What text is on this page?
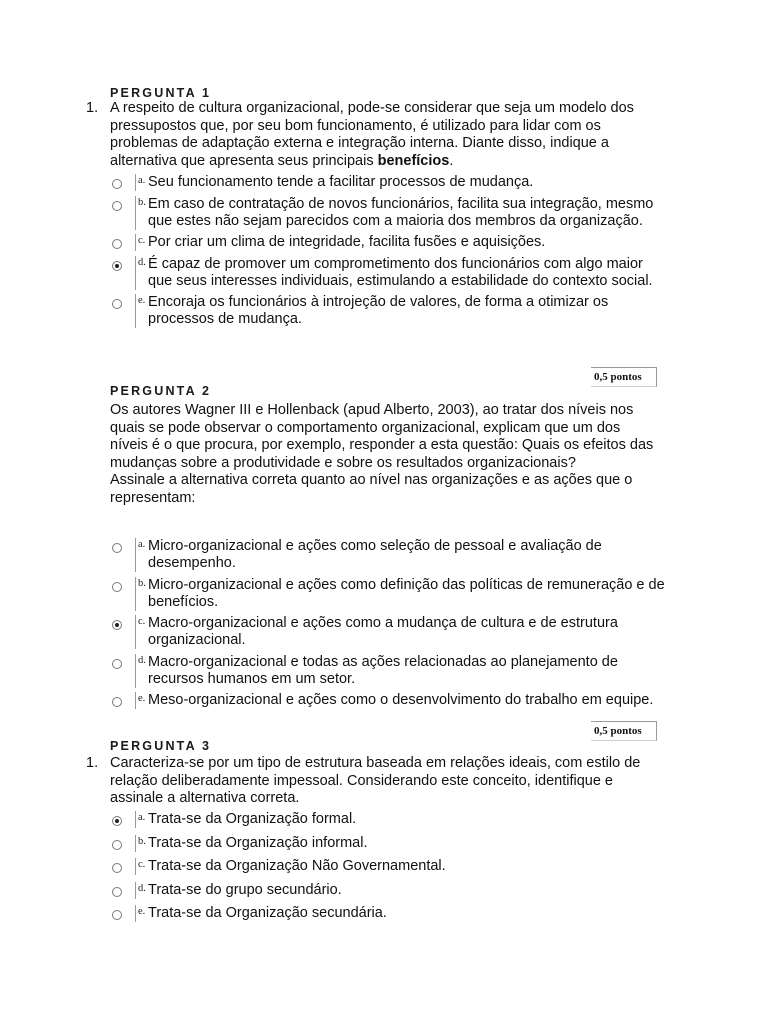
PERGUNTA 1
1. A respeito de cultura organizacional, pode-se considerar que seja um modelo dos pressupostos que, por seu bom funcionamento, é utilizado para lidar com os problemas de adaptação externa e integração interna. Diante disso, indique a alternativa que apresenta seus principais benefícios.
a. Seu funcionamento tende a facilitar processos de mudança.
b. Em caso de contratação de novos funcionários, facilita sua integração, mesmo que estes não sejam parecidos com a maioria dos membros da organização.
c. Por criar um clima de integridade, facilita fusões e aquisições.
d. É capaz de promover um comprometimento dos funcionários com algo maior que seus interesses individuais, estimulando a estabilidade do contexto social.
e. Encoraja os funcionários à introjeção de valores, de forma a otimizar os processos de mudança.
0,5 pontos
PERGUNTA 2
Os autores Wagner III e Hollenback (apud Alberto, 2003), ao tratar dos níveis nos quais se pode observar o comportamento organizacional, explicam que um dos níveis é o que procura, por exemplo, responder a esta questão: Quais os efeitos das mudanças sobre a produtividade e sobre os resultados organizacionais?
Assinale a alternativa correta quanto ao nível nas organizações e as ações que o representam:
a. Micro-organizacional e ações como seleção de pessoal e avaliação de desempenho.
b. Micro-organizacional e ações como definição das políticas de remuneração e de benefícios.
c. Macro-organizacional e ações como a mudança de cultura e de estrutura organizacional.
d. Macro-organizacional e todas as ações relacionadas ao planejamento de recursos humanos em um setor.
e. Meso-organizacional e ações como o desenvolvimento do trabalho em equipe.
0,5 pontos
PERGUNTA 3
1. Caracteriza-se por um tipo de estrutura baseada em relações ideais, com estilo de relação deliberadamente impessoal. Considerando este conceito, identifique e assinale a alternativa correta.
a. Trata-se da Organização formal.
b. Trata-se da Organização informal.
c. Trata-se da Organização Não Governamental.
d. Trata-se do grupo secundário.
e. Trata-se da Organização secundária.
